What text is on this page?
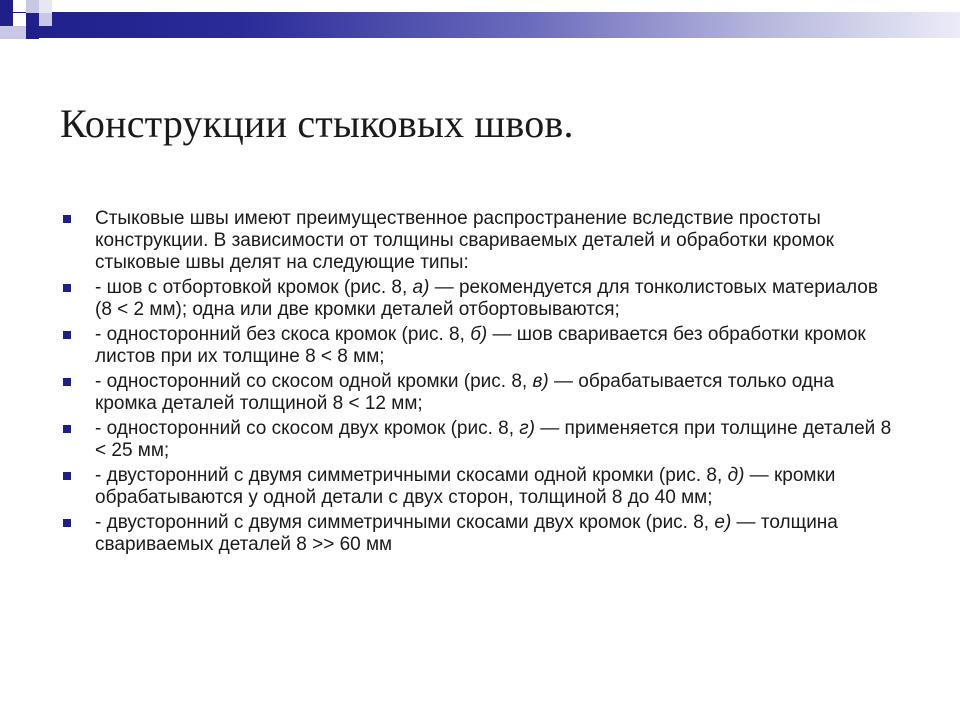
Конструкции стыковых швов.
Стыковые швы имеют преимущественное распространение вследствие простоты конструкции. В зависимости от толщины свариваемых деталей и обработки кромок стыковые швы делят на следующие типы:
- шов с отбортовкой кромок (рис. 8, а) — рекомендуется для тонколистовых материалов (8 < 2 мм); одна или две кромки деталей отбортовываются;
- односторонний без скоса кромок (рис. 8, б) — шов сваривается без обработки кромок листов при их толщине 8 < 8 мм;
- односторонний со скосом одной кромки (рис. 8, в) — обрабатывается только одна кромка деталей толщиной 8 < 12 мм;
- односторонний со скосом двух кромок (рис. 8, г) — применяется при толщине деталей 8 < 25 мм;
- двусторонний с двумя симметричными скосами одной кромки (рис. 8, д) — кромки обрабатываются у одной детали с двух сторон, толщиной 8 до 40 мм;
- двусторонний с двумя симметричными скосами двух кромок (рис. 8, е) — толщина свариваемых деталей 8 >> 60 мм
